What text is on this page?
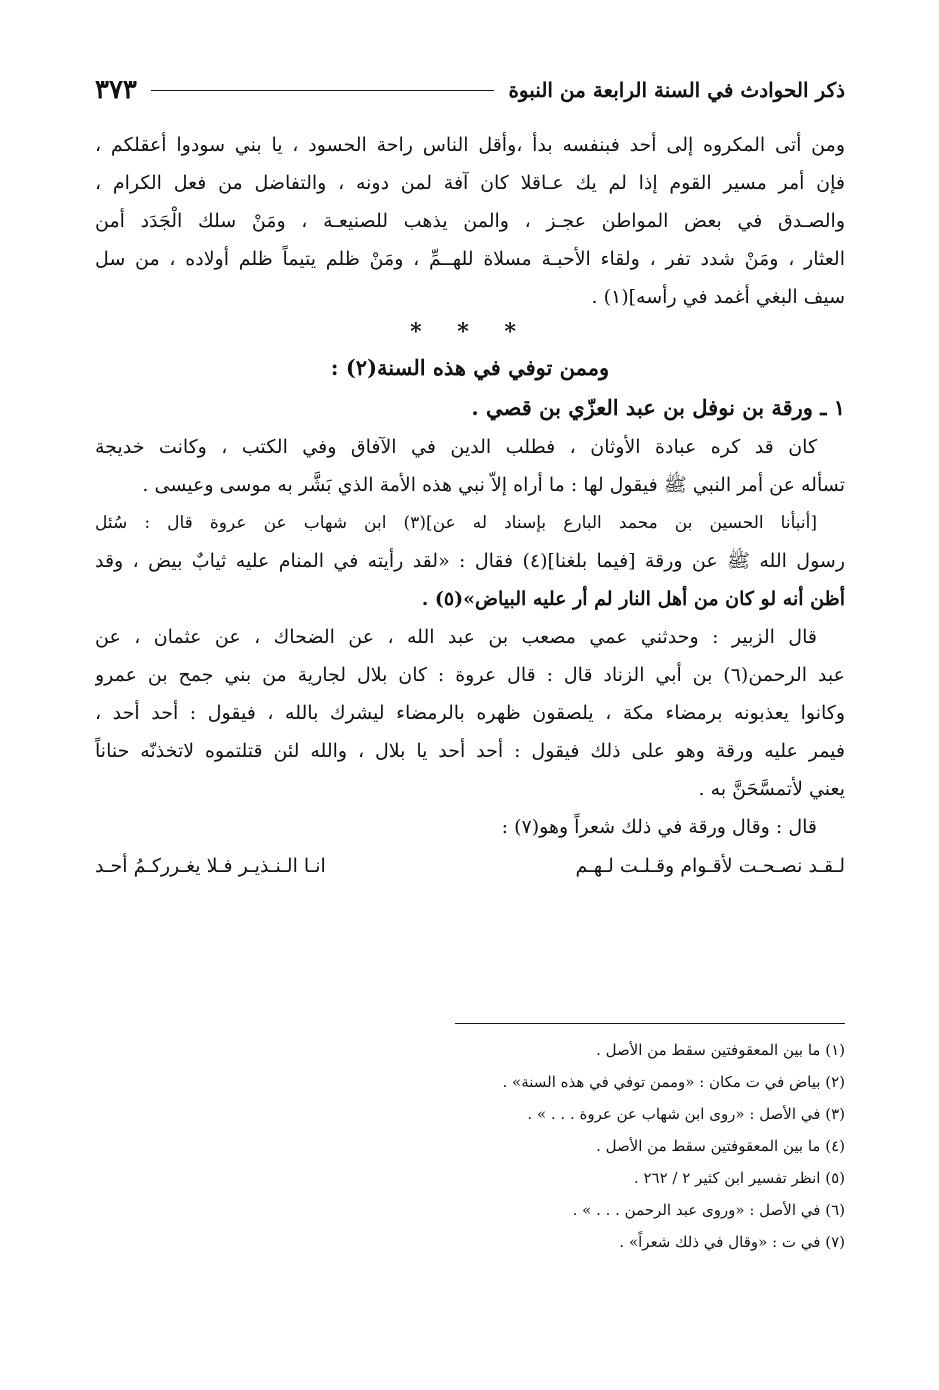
ذكر الحوادث في السنة الرابعة من النبوة
٣٧٣
ومن أتى المكروه إلى أحد فبنفسه بدأ ،وأقل الناس راحة الحسود ، يا بني سودوا أعقلكم ،
فإن أمر مسير القوم إذا لم يك عـاقلا كان آفة لمن دونه ، والتفاضل من فعل الكرام ،
والصـدق في بعض المواطن عجـز ، والمن يذهب للصنيعـة ، ومَنْ سلك الْجَدَد أمن
العثار ، ومَنْ شدد تفر ، ولقاء الأحبـة مسلاة للهــمِّ ، ومَنْ ظلم يتيماً ظلم أولاده ، من سل
سيف البغي أغمد في رأسه](١) .
* * *
وممن توفي في هذه السنة(٢) :
١ ـ ورقة بن نوفل بن عبد العزّي بن قصي .
كان قد كره عبادة الأوثان ، فطلب الدين في الآفاق وفي الكتب ، وكانت خديجة
تسأله عن أمر النبي ﷺ فيقول لها : ما أراه إلاّ نبي هذه الأمة الذي بَشَّر به موسى وعيسى .
[أنبأنا الحسين بن محمد البارع بإسناد له عن](٣) ابن شهاب عن عروة قال : سُئل
رسول الله ﷺ عن ورقة [فيما بلغنا](٤) فقال : «لقد رأيته في المنام عليه ثيابٌ بيض ، وقد
أظن أنه لو كان من أهل النار لم أر عليه البياض»(٥) .
قال الزبير : وحدثني عمي مصعب بن عبد الله ، عن الضحاك ، عن عثمان ، عن
عبد الرحمن(٦) بن أبي الزناد قال : قال عروة : كان بلال لجارية من بني جمح بن عمرو
وكانوا يعذبونه برمضاء مكة ، يلصقون ظهره بالرمضاء ليشرك بالله ، فيقول : أحد أحد ،
فيمر عليه ورقة وهو على ذلك فيقول : أحد أحد يا بلال ، والله لئن قتلتموه لاتخذنّه حناناً
يعني لأتمسَّحَنَّ به .
قال : وقال ورقة في ذلك شعراً وهو(٧) :
لـقـد نصـحـت لأقـوام وقـلـت لـهـم
انـا الـنـذيـر فـلا يغـرركـمُ أحـد
(١) ما بين المعقوفتين سقط من الأصل .
(٢) بياض في ت مكان : «وممن توفي في هذه السنة» .
(٣) في الأصل : «روى ابن شهاب عن عروة . . . » .
(٤) ما بين المعقوفتين سقط من الأصل .
(٥) انظر تفسير ابن كثير ٢ / ٢٦٢ .
(٦) في الأصل : «وروى عبد الرحمن . . . » .
(٧) في ت : «وقال في ذلك شعراً» .
